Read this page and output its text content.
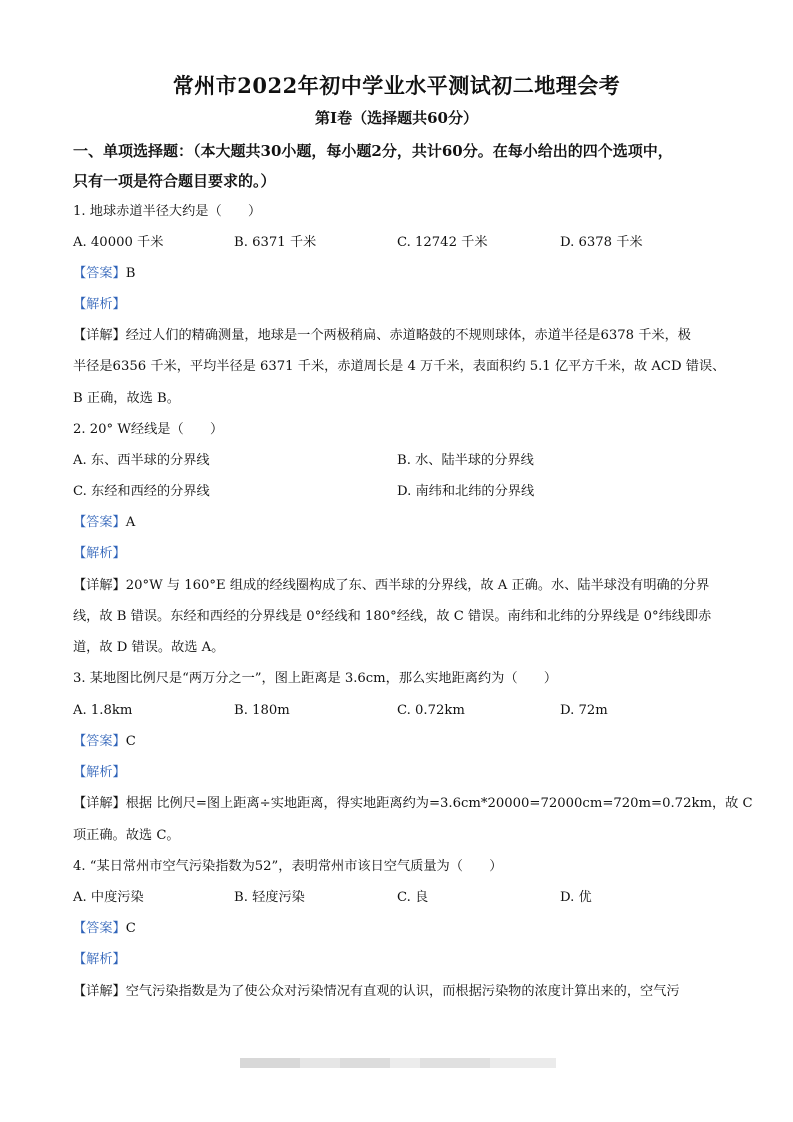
常州市2022年初中学业水平测试初二地理会考
第Ⅰ卷（选择题共60分）
一、单项选择题：（本大题共30小题，每小题2分，共计60分。在每小给出的四个选项中，
只有一项是符合题目要求的。）
1. 地球赤道半径大约是（　　）
A. 40000 千米	B. 6371 千米	C. 12742 千米	D. 6378 千米
【答案】B
【解析】
【详解】经过人们的精确测量，地球是一个两极稍扁、赤道略鼓的不规则球体，赤道半径是6378 千米，极
半径是6356 千米，平均半径是 6371 千米，赤道周长是 4 万千米，表面积约 5.1 亿平方千米，故 ACD 错误、
B 正确，故选 B。
2. 20° W经线是（　　）
A. 东、西半球的分界线	B. 水、陆半球的分界线
C. 东经和西经的分界线	D. 南纬和北纬的分界线
【答案】A
【解析】
【详解】20°W 与 160°E 组成的经线圈构成了东、西半球的分界线，故 A 正确。水、陆半球没有明确的分界
线，故 B 错误。东经和西经的分界线是 0°经线和 180°经线，故 C 错误。南纬和北纬的分界线是 0°纬线即赤
道，故 D 错误。故选 A。
3. 某地图比例尺是“两万分之一”，图上距离是 3.6cm，那么实地距离约为（　　）
A. 1.8km	B. 180m	C. 0.72km	D. 72m
【答案】C
【解析】
【详解】根据 比例尺=图上距离÷实地距离，得实地距离约为=3.6cm*20000=72000cm=720m=0.72km，故 C
项正确。故选 C。
4. “某日常州市空气污染指数为52”，表明常州市该日空气质量为（　　）
A. 中度污染	B. 轻度污染	C. 良	D. 优
【答案】C
【解析】
【详解】空气污染指数是为了使公众对污染情况有直观的认识，而根据污染物的浓度计算出来的，空气污
